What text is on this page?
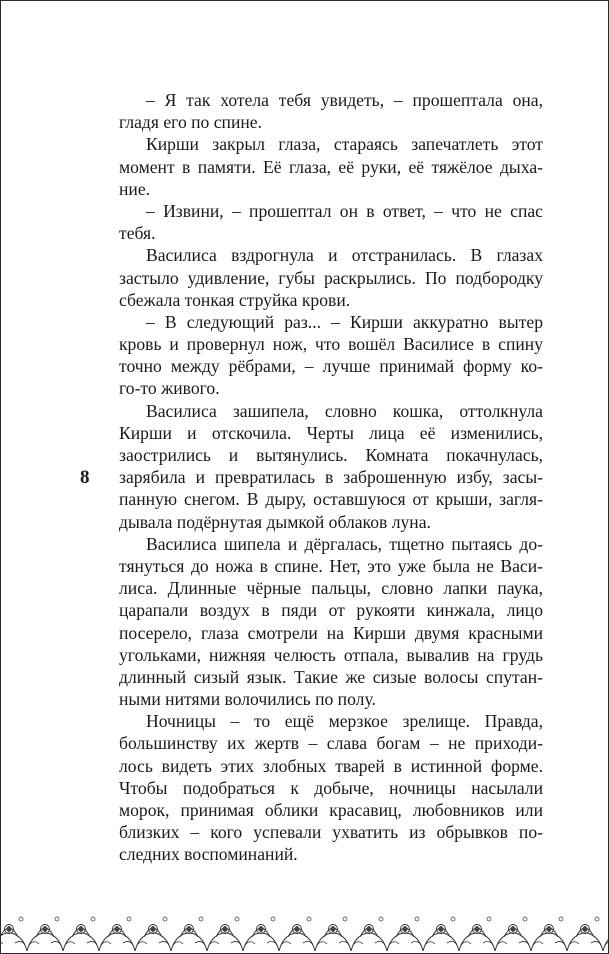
8
– Я так хотела тебя увидеть, – прошептала она,
гладя его по спине.
Кирши закрыл глаза, стараясь запечатлеть этот
момент в памяти. Её глаза, её руки, её тяжёлое дыха-
ние.
– Извини, – прошептал он в ответ, – что не спас
тебя.
Василиса вздрогнула и отстранилась. В глазах
застыло удивление, губы раскрылись. По подбородку
сбежала тонкая струйка крови.
– В следующий раз... – Кирши аккуратно вытер
кровь и провернул нож, что вошёл Василисе в спину
точно между рёбрами, – лучше принимай форму ко-
го-то живого.
Василиса зашипела, словно кошка, оттолкнула
Кирши и отскочила. Черты лица её изменились,
заострились и вытянулись. Комната покачнулась,
зарябила и превратилась в заброшенную избу, засы-
панную снегом. В дыру, оставшуюся от крыши, загля-
дывала подёрнутая дымкой облаков луна.
Василиса шипела и дёргалась, тщетно пытаясь до-
тянуться до ножа в спине. Нет, это уже была не Васи-
лиса. Длинные чёрные пальцы, словно лапки паука,
царапали воздух в пяди от рукояти кинжала, лицо
посерело, глаза смотрели на Кирши двумя красными
угольками, нижняя челюсть отпала, вывалив на грудь
длинный сизый язык. Такие же сизые волосы спутан-
ными нитями волочились по полу.
Ночницы – то ещё мерзкое зрелище. Правда,
большинству их жертв – слава богам – не приходи-
лось видеть этих злобных тварей в истинной форме.
Чтобы подобраться к добыче, ночницы насылали
морок, принимая облики красавиц, любовников или
близких – кого успевали ухватить из обрывков по-
следних воспоминаний.
